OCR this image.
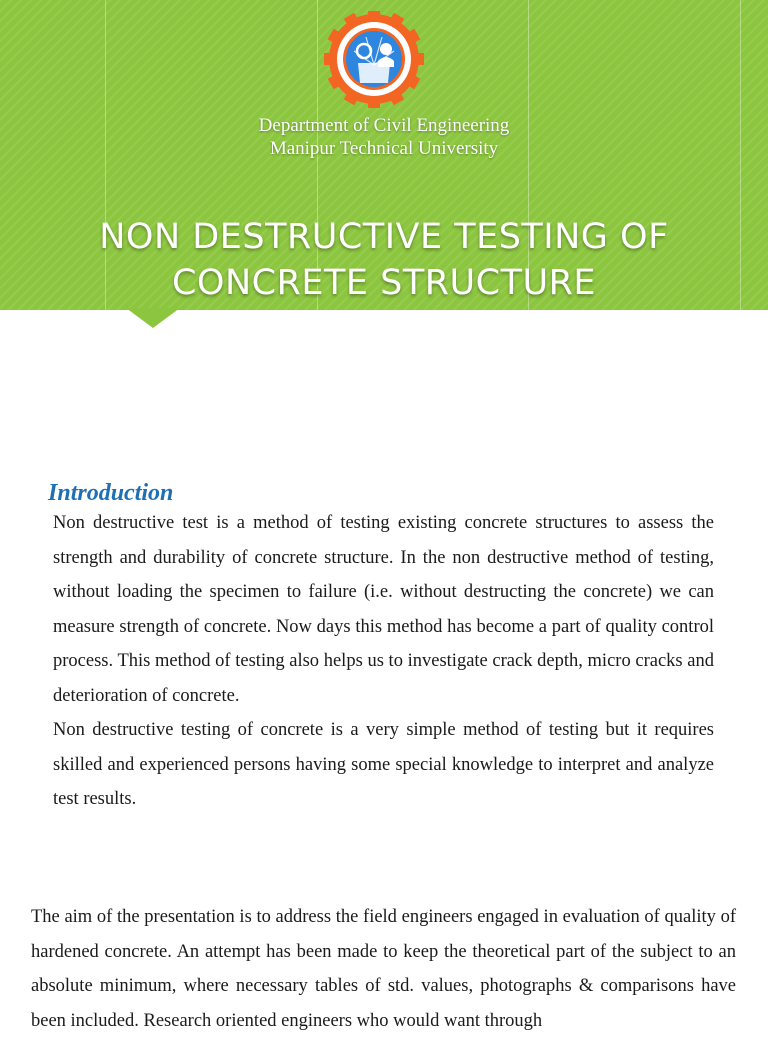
Department of Civil Engineering
Manipur Technical University
NON DESTRUCTIVE TESTING OF
CONCRETE STRUCTURE
Introduction

Non destructive test is a method of testing existing concrete structures to assess the strength and durability of concrete structure. In the non destructive method of testing, without loading the specimen to failure (i.e. without destructing the concrete) we can measure strength of concrete. Now days this method has become a part of quality control process. This method of testing also helps us to investigate crack depth, micro cracks and deterioration of concrete.

Non destructive testing of concrete is a very simple method of testing but it requires skilled and experienced persons having some special knowledge to interpret and analyze test results.

The aim of the presentation is to address the field engineers engaged in evaluation of quality of hardened concrete. An attempt has been made to keep the theoretical part of the subject to an absolute minimum, where necessary tables of std. values, photographs & comparisons have been included. Research oriented engineers who would want through
